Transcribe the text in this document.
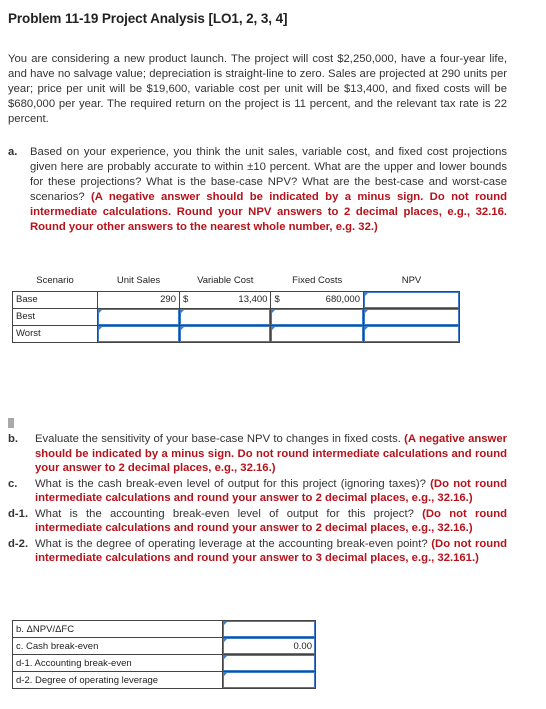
Problem 11-19 Project Analysis [LO1, 2, 3, 4]
You are considering a new product launch. The project will cost $2,250,000, have a four-year life, and have no salvage value; depreciation is straight-line to zero. Sales are projected at 290 units per year; price per unit will be $19,600, variable cost per unit will be $13,400, and fixed costs will be $680,000 per year. The required return on the project is 11 percent, and the relevant tax rate is 22 percent.
a. Based on your experience, you think the unit sales, variable cost, and fixed cost projections given here are probably accurate to within ±10 percent. What are the upper and lower bounds for these projections? What is the base-case NPV? What are the best-case and worst-case scenarios? (A negative answer should be indicated by a minus sign. Do not round intermediate calculations. Round your NPV answers to 2 decimal places, e.g., 32.16. Round your other answers to the nearest whole number, e.g. 32.)
Scenario	Unit Sales	Variable Cost		Fixed Costs		NPV
Base	290	$	13,400	$	680,000	
Best						
Worst						
b. Evaluate the sensitivity of your base-case NPV to changes in fixed costs. (A negative answer should be indicated by a minus sign. Do not round intermediate calculations and round your answer to 2 decimal places, e.g., 32.16.)
c. What is the cash break-even level of output for this project (ignoring taxes)? (Do not round intermediate calculations and round your answer to 2 decimal places, e.g., 32.16.)
d-1. What is the accounting break-even level of output for this project? (Do not round intermediate calculations and round your answer to 2 decimal places, e.g., 32.16.)
d-2. What is the degree of operating leverage at the accounting break-even point? (Do not round intermediate calculations and round your answer to 3 decimal places, e.g., 32.161.)
b. ΔNPV/ΔFC	
c. Cash break-even	0.00
d-1. Accounting break-even	
d-2. Degree of operating leverage	
